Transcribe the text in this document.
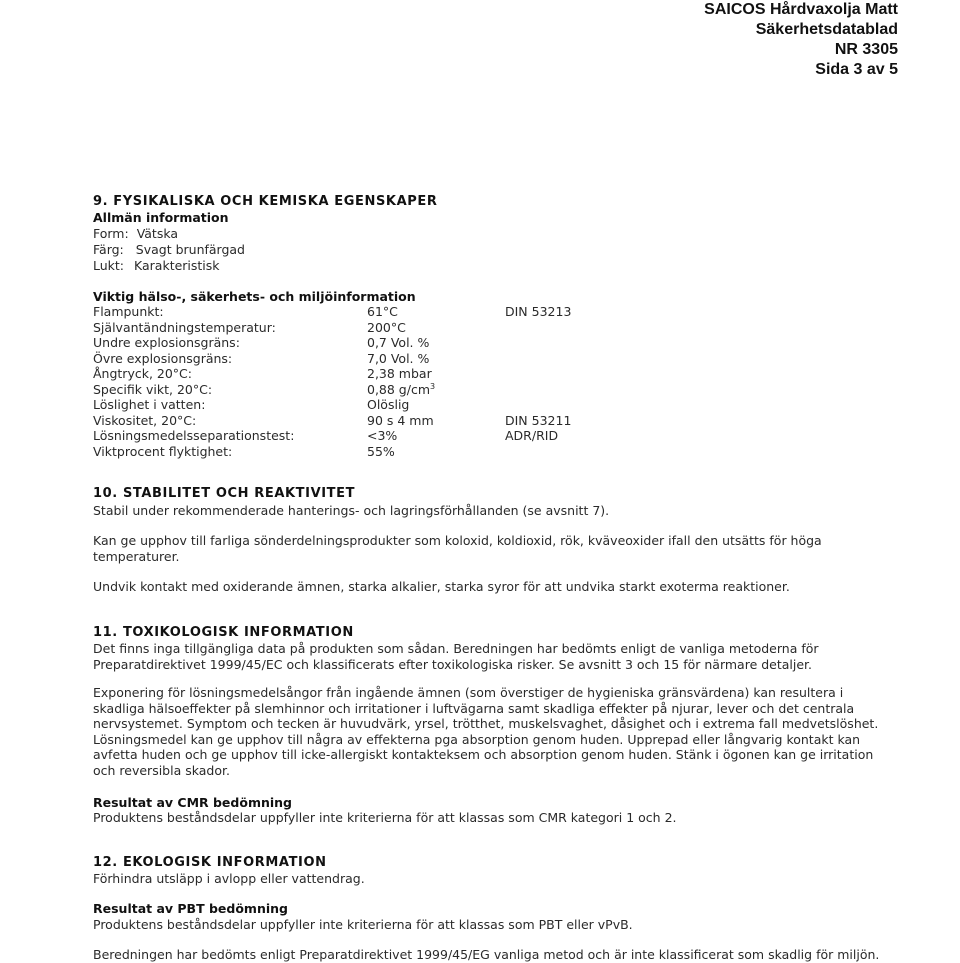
SAICOS Hårdvaxolja Matt
Säkerhetsdatablad
NR 3305
Sida 3 av 5
9. FYSIKALISKA OCH KEMISKA EGENSKAPER
Allmän information
Form: Vätska
Färg: Svagt brunfärgad
Lukt: Karakteristisk
Viktig hälso-, säkerhets- och miljöinformation
Flampunkt:	61°C	DIN 53213
Självantändningstemperatur:	200°C
Undre explosionsgräns:	0,7 Vol. %
Övre explosionsgräns:	7,0 Vol. %
Ångtryck, 20°C:	2,38 mbar
Specifik vikt, 20°C:	0,88 $g/cm^3$
Löslighet i vatten:	Olöslig
Viskositet, 20°C:	90 s 4 mm	DIN 53211
Lösningsmedelsseparationstest:	<3%	ADR/RID
Viktprocent flyktighet:	55%
10. STABILITET OCH REAKTIVITET
Stabil under rekommenderade hanterings- och lagringsförhållanden (se avsnitt 7).
Kan ge upphov till farliga sönderdelningsprodukter som koloxid, koldioxid, rök, kväveoxider ifall den utsätts för höga temperaturer.
Undvik kontakt med oxiderande ämnen, starka alkalier, starka syror för att undvika starkt exoterma reaktioner.
11. TOXIKOLOGISK INFORMATION
Det finns inga tillgängliga data på produkten som sådan. Beredningen har bedömts enligt de vanliga metoderna för Preparatdirektivet 1999/45/EC och klassificerats efter toxikologiska risker. Se avsnitt 3 och 15 för närmare detaljer.
Exponering för lösningsmedelsångor från ingående ämnen (som överstiger de hygieniska gränsvärdena) kan resultera i skadliga hälsoeffekter på slemhinnor och irritationer i luftvägarna samt skadliga effekter på njurar, lever och det centrala nervsystemet. Symptom och tecken är huvudvärk, yrsel, trötthet, muskelsvaghet, dåsighet och i extrema fall medvetslöshet. Lösningsmedel kan ge upphov till några av effekterna pga absorption genom huden. Upprepad eller långvarig kontakt kan avfetta huden och ge upphov till icke-allergiskt kontakteksem och absorption genom huden. Stänk i ögonen kan ge irritation och reversibla skador.
Resultat av CMR bedömning
Produktens beståndsdelar uppfyller inte kriterierna för att klassas som CMR kategori 1 och 2.
12. EKOLOGISK INFORMATION
Förhindra utsläpp i avlopp eller vattendrag.
Resultat av PBT bedömning
Produktens beståndsdelar uppfyller inte kriterierna för att klassas som PBT eller vPvB.
Beredningen har bedömts enligt Preparatdirektivet 1999/45/EG vanliga metod och är inte klassificerat som skadlig för miljön.
